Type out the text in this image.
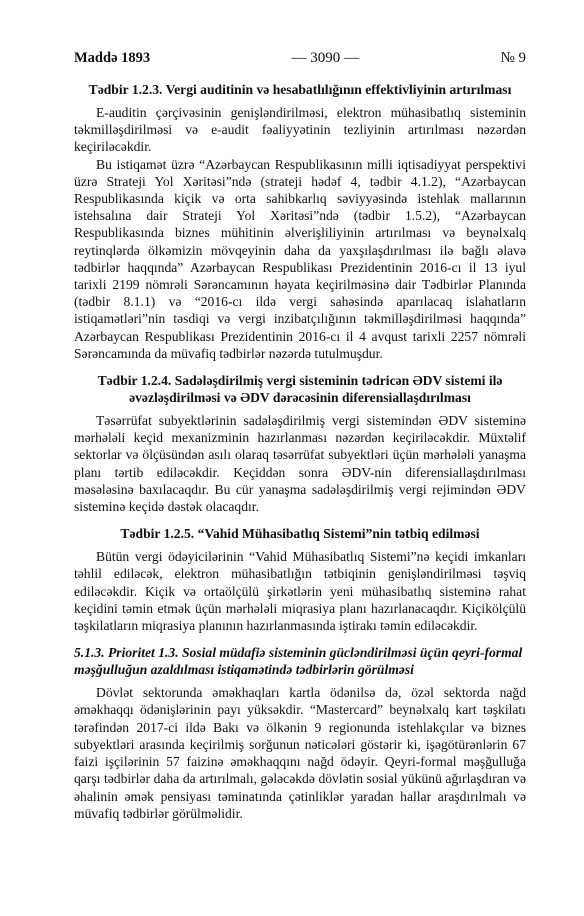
Maddə 1893	— 3090 —	№ 9
Tədbir 1.2.3. Vergi auditinin və hesabatlılığının effektivliyinin artırılması

E-auditin çərçivəsinin genişləndirilməsi, elektron mühasibatlıq sisteminin təkmilləşdirilməsi və e-audit fəaliyyətinin tezliyinin artırılması nəzərdən keçiriləcəkdir.

Bu istiqamət üzrə “Azərbaycan Respublikasının milli iqtisadiyyat perspektivi üzrə Strateji Yol Xəritəsi”ndə (strateji hədəf 4, tədbir 4.1.2), “Azərbaycan Respublikasında kiçik və orta sahibkarlıq səviyyəsində istehlak mallarının istehsalına dair Strateji Yol Xəritəsi”ndə (tədbir 1.5.2), “Azərbaycan Respublikasında biznes mühitinin əlverişliliyinin artırılması və beynəlxalq reytinqlərdə ölkəmizin mövqeyinin daha da yaxşılaşdırılması ilə bağlı əlavə tədbirlər haqqında” Azərbaycan Respublikası Prezidentinin 2016-cı il 13 iyul tarixli 2199 nömrəli Sərəncamının həyata keçirilməsinə dair Tədbirlər Planında (tədbir 8.1.1) və “2016-cı ildə vergi sahəsində aparılacaq islahatların istiqamətləri”nin təsdiqi və vergi inzibatçılığının təkmilləşdirilməsi haqqında” Azərbaycan Respublikası Prezidentinin 2016-cı il 4 avqust tarixli 2257 nömrəli Sərəncamında da müvafiq tədbirlər nəzərdə tutulmuşdur.

Tədbir 1.2.4. Sadələşdirilmiş vergi sisteminin tədricən ƏDV sistemi ilə əvəzləşdirilməsi və ƏDV dərəcəsinin diferensiallaşdırılması

Təsərrüfat subyektlərinin sadələşdirilmiş vergi sistemindən ƏDV sisteminə mərhələli keçid mexanizminin hazırlanması nəzərdən keçiriləcəkdir. Müxtəlif sektorlar və ölçüsündən asılı olaraq təsərrüfat subyektləri üçün mərhələli yanaşma planı tərtib ediləcəkdir. Keçiddən sonra ƏDV-nin diferensiallaşdırılması məsələsinə baxılacaqdır. Bu cür yanaşma sadələşdirilmiş vergi rejimindən ƏDV sisteminə keçidə dəstək olacaqdır.

Tədbir 1.2.5. “Vahid Mühasibatlıq Sistemi”nin tətbiq edilməsi

Bütün vergi ödəyicilərinin “Vahid Mühasibatlıq Sistemi”nə keçidi imkanları təhlil ediləcək, elektron mühasibatlığın tətbiqinin genişləndirilməsi təşviq ediləcəkdir. Kiçik və ortaölçülü şirkətlərin yeni mühasibatlıq sisteminə rahat keçidini təmin etmək üçün mərhələli miqrasiya planı hazırlanacaqdır. Kiçikölçülü təşkilatların miqrasiya planının hazırlanmasında iştirakı təmin ediləcəkdir.

5.1.3. Prioritet 1.3. Sosial müdafiə sisteminin gücləndirilməsi üçün qeyri-formal məşğulluğun azaldılması istiqamətində tədbirlərin görülməsi

Dövlət sektorunda əməkhaqları kartla ödənilsə də, özəl sektorda nağd əməkhaqqı ödənişlərinin payı yüksəkdir. “Mastercard” beynəlxalq kart təşkilatı tərəfindən 2017-ci ildə Bakı və ölkənin 9 regionunda istehlakçılar və biznes subyektləri arasında keçirilmiş sorğunun nəticələri göstərir ki, işəgötürənlərin 67 faizi işçilərinin 57 faizinə əməkhaqqını nağd ödəyir. Qeyri-formal məşğulluğa qarşı tədbirlər daha da artırılmalı, gələcəkdə dövlətin sosial yükünü ağırlaşdıran və əhalinin əmək pensiyası təminatında çətinliklər yaradan hallar araşdırılmalı və müvafiq tədbirlər görülməlidir.
